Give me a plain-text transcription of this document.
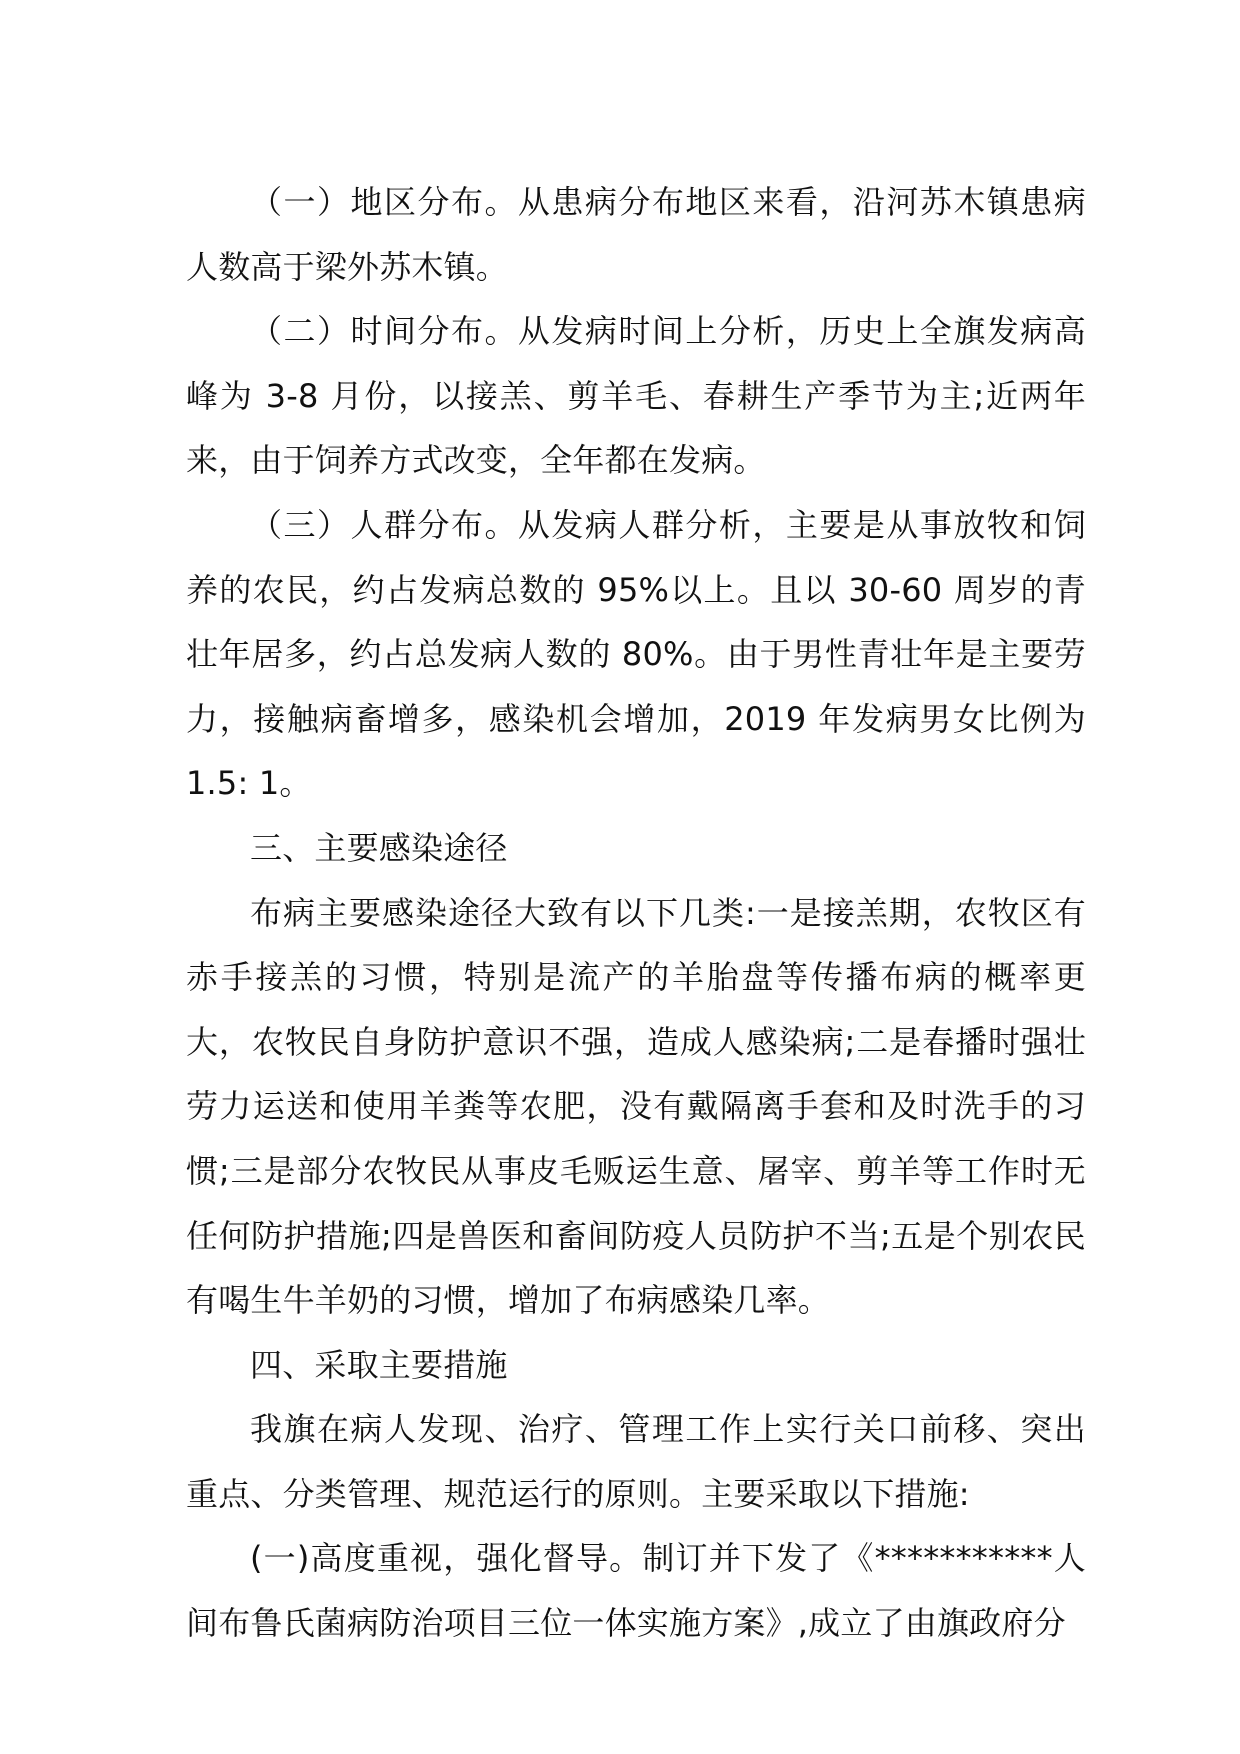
（一）地区分布。从患病分布地区来看，沿河苏木镇患病人数高于梁外苏木镇。

（二）时间分布。从发病时间上分析，历史上全旗发病高峰为 3-8 月份，以接羔、剪羊毛、春耕生产季节为主;近两年来，由于饲养方式改变，全年都在发病。

（三）人群分布。从发病人群分析，主要是从事放牧和饲养的农民，约占发病总数的 95%以上。且以 30-60 周岁的青壮年居多，约占总发病人数的 80%。由于男性青壮年是主要劳力，接触病畜增多，感染机会增加，2019 年发病男女比例为 1.5: 1。

三、主要感染途径

布病主要感染途径大致有以下几类:一是接羔期，农牧区有赤手接羔的习惯，特别是流产的羊胎盘等传播布病的概率更大，农牧民自身防护意识不强，造成人感染病;二是春播时强壮劳力运送和使用羊粪等农肥，没有戴隔离手套和及时洗手的习惯;三是部分农牧民从事皮毛贩运生意、屠宰、剪羊等工作时无任何防护措施;四是兽医和畜间防疫人员防护不当;五是个别农民有喝生牛羊奶的习惯，增加了布病感染几率。

四、采取主要措施

我旗在病人发现、治疗、管理工作上实行关口前移、突出重点、分类管理、规范运行的原则。主要采取以下措施:

(一)高度重视，强化督导。制订并下发了《***********人间布鲁氏菌病防治项目三位一体实施方案》,成立了由旗政府分
